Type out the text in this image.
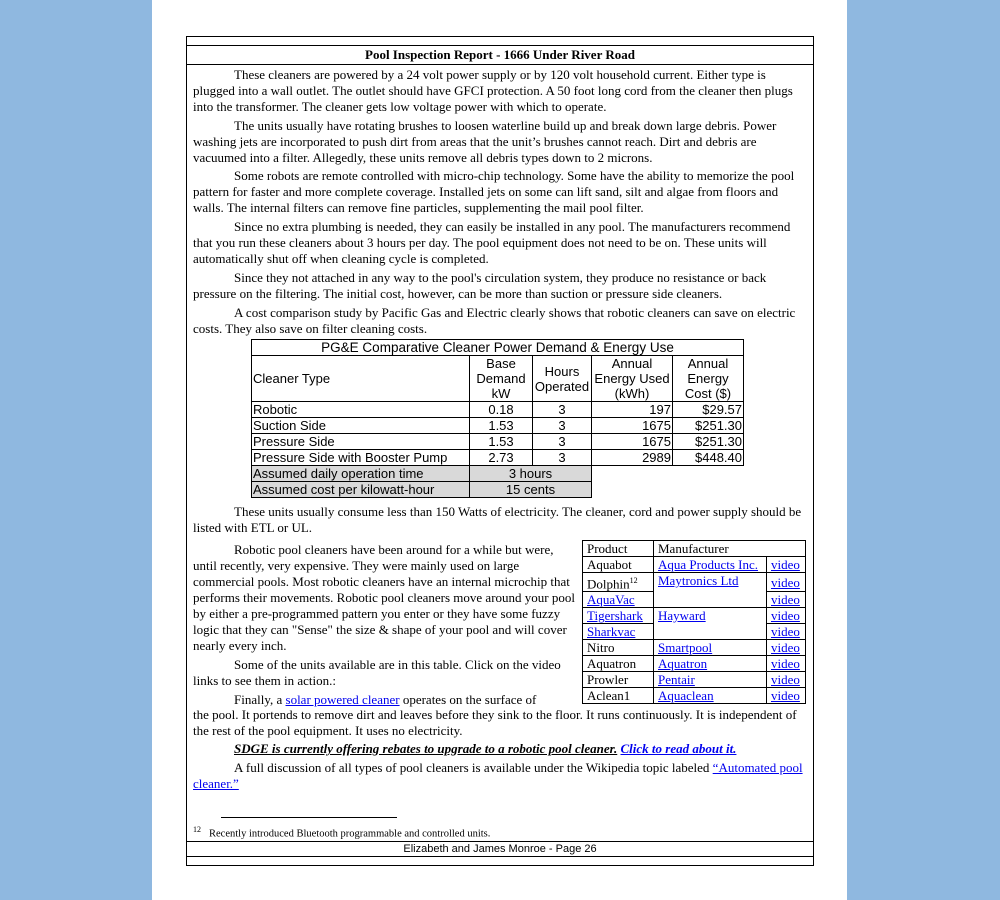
Pool Inspection Report - 1666 Under River Road

These cleaners are powered by a 24 volt power supply or by 120 volt household current. Either type is plugged into a wall outlet. The outlet should have GFCI protection. A 50 foot long cord from the cleaner then plugs into the transformer. The cleaner gets low voltage power with which to operate.

The units usually have rotating brushes to loosen waterline build up and break down large debris. Power washing jets are incorporated to push dirt from areas that the unit’s brushes cannot reach. Dirt and debris are vacuumed into a filter. Allegedly, these units remove all debris types down to 2 microns.

Some robots are remote controlled with micro-chip technology. Some have the ability to memorize the pool pattern for faster and more complete coverage. Installed jets on some can lift sand, silt and algae from floors and walls. The internal filters can remove fine particles, supplementing the mail pool filter.

Since no extra plumbing is needed, they can easily be installed in any pool. The manufacturers recommend that you run these cleaners about 3 hours per day. The pool equipment does not need to be on. These units will automatically shut off when cleaning cycle is completed.

Since they not attached in any way to the pool's circulation system, they produce no resistance or back pressure on the filtering. The initial cost, however, can be more than suction or pressure side cleaners.

A cost comparison study by Pacific Gas and Electric clearly shows that robotic cleaners can save on electric costs. They also save on filter cleaning costs.

PG&E Comparative Cleaner Power Demand & Energy Use				
Cleaner Type	Base Demand kW	Hours Operated	Annual Energy Used (kWh)	Annual Energy Cost ($)
Robotic	0.18	3	197	$29.57
Suction Side	1.53	3	1675	$251.30
Pressure Side	1.53	3	1675	$251.30
Pressure Side with Booster Pump	2.73	3	2989	$448.40
Assumed daily operation time	3 hours			
Assumed cost per kilowatt-hour	15 cents			

These units usually consume less than 150 Watts of electricity. The cleaner, cord and power supply should be listed with ETL or UL.

Robotic pool cleaners have been around for a while but were, until recently, very expensive. They were mainly used on large commercial pools. Most robotic cleaners have an internal microchip that performs their movements. Robotic pool cleaners move around your pool by either a pre-programmed pattern you enter or they have some fuzzy logic that they can "Sense" the size & shape of your pool and will cover nearly every inch.

Some of the units available are in this table. Click on the video links to see them in action.:

Finally, a solar powered cleaner operates on the surface of

the pool. It portends to remove dirt and leaves before they sink to the floor. It runs continuously. It is independent of the rest of the pool equipment. It uses no electricity.

Product	Manufacturer	
Aquabot	Aqua Products Inc.	video
Dolphin$^{12}$	Maytronics Ltd	video
AquaVac		video
Tigershark	Hayward	video
Sharkvac		video
Nitro	Smartpool	video
Aquatron	Aquatron	video
Prowler	Pentair	video
Aclean1	Aquaclean	video

SDGE is currently offering rebates to upgrade to a robotic pool cleaner. Click to read about it.

A full discussion of all types of pool cleaners is available under the Wikipedia topic labeled “Automated pool cleaner.”

$^{12}$ Recently introduced Bluetooth programmable and controlled units.
Elizabeth and James Monroe - Page 26
